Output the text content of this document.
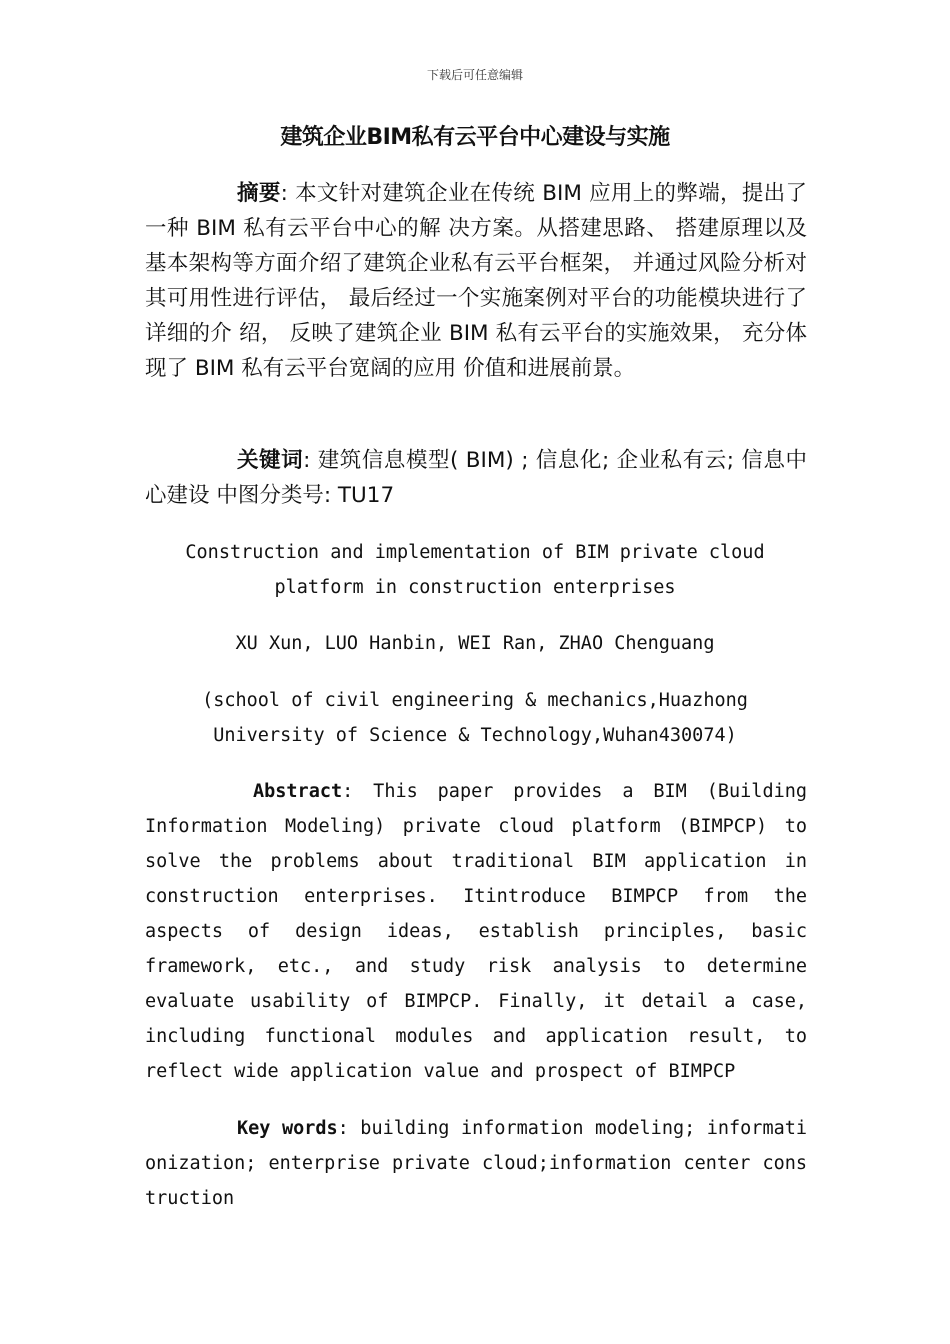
下载后可任意编辑
建筑企业BIM私有云平台中心建设与实施
摘要: 本文针对建筑企业在传统 BIM 应用上的弊端，提出了一种 BIM 私有云平台中心的解 决方案。从搭建思路、 搭建原理以及基本架构等方面介绍了建筑企业私有云平台框架， 并通过风险分析对其可用性进行评估， 最后经过一个实施案例对平台的功能模块进行了详细的介 绍， 反映了建筑企业 BIM 私有云平台的实施效果， 充分体现了 BIM 私有云平台宽阔的应用 价值和进展前景。
关键词: 建筑信息模型( BIM) ; 信息化; 企业私有云; 信息中心建设 中图分类号: TU17
Construction and implementation of BIM private cloud platform in construction enterprises
XU Xun, LUO Hanbin, WEI Ran, ZHAO Chenguang
(school of civil engineering & mechanics,Huazhong University of Science & Technology,Wuhan430074)
Abstract: This paper provides a BIM (Building Information Modeling) private cloud platform (BIMPCP) to solve the problems about traditional BIM application in construction enterprises. Itintroduce BIMPCP from the aspects of design ideas, establish principles, basic framework, etc., and study risk analysis to determine evaluate usability of BIMPCP. Finally, it detail a case, including functional modules and application result, to reflect wide application value and prospect of BIMPCP
Key words: building information modeling; informationization; enterprise private cloud;information center construction
